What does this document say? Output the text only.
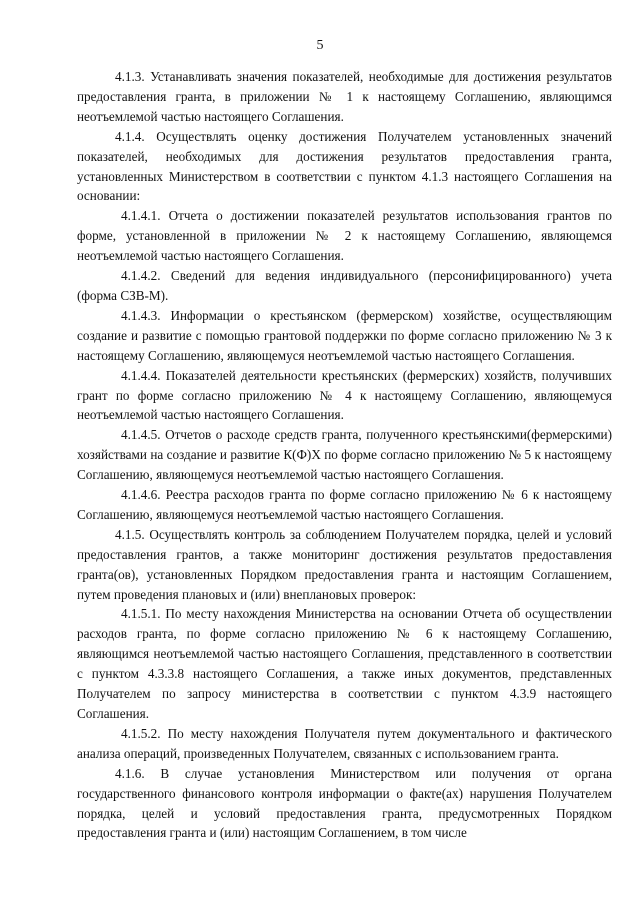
5

4.1.3. Устанавливать значения показателей, необходимые для достижения результатов предоставления гранта, в приложении № 1 к настоящему Соглашению, являющимся неотъемлемой частью настоящего Соглашения.

4.1.4. Осуществлять оценку достижения Получателем установленных значений показателей, необходимых для достижения результатов предоставления гранта, установленных Министерством в соответствии с пунктом 4.1.3 настоящего Соглашения на основании:

4.1.4.1. Отчета о достижении показателей результатов использования грантов по форме, установленной в приложении № 2 к настоящему Соглашению, являющемся неотъемлемой частью настоящего Соглашения.

4.1.4.2. Сведений для ведения индивидуального (персонифицированного) учета (форма СЗВ-М).

4.1.4.3. Информации о крестьянском (фермерском) хозяйстве, осуществляющим создание и развитие с помощью грантовой поддержки по форме согласно приложению № 3 к настоящему Соглашению, являющемуся неотъемлемой частью настоящего Соглашения.

4.1.4.4. Показателей деятельности крестьянских (фермерских) хозяйств, получивших грант по форме согласно приложению № 4 к настоящему Соглашению, являющемуся неотъемлемой частью настоящего Соглашения.

4.1.4.5. Отчетов о расходе средств гранта, полученного крестьянскими(фермерскими) хозяйствами на создание и развитие К(Ф)Х по форме согласно приложению № 5 к настоящему Соглашению, являющемуся неотъемлемой частью настоящего Соглашения.

4.1.4.6. Реестра расходов гранта по форме согласно приложению № 6 к настоящему Соглашению, являющемуся неотъемлемой частью настоящего Соглашения.

4.1.5. Осуществлять контроль за соблюдением Получателем порядка, целей и условий предоставления грантов, а также мониторинг достижения результатов предоставления гранта(ов), установленных Порядком предоставления гранта и настоящим Соглашением, путем проведения плановых и (или) внеплановых проверок:

4.1.5.1. По месту нахождения Министерства на основании Отчета об осуществлении расходов гранта, по форме согласно приложению № 6 к настоящему Соглашению, являющимся неотъемлемой частью настоящего Соглашения, представленного в соответствии с пунктом 4.3.3.8 настоящего Соглашения, а также иных документов, представленных Получателем по запросу министерства в соответствии с пунктом 4.3.9 настоящего Соглашения.

4.1.5.2. По месту нахождения Получателя путем документального и фактического анализа операций, произведенных Получателем, связанных с использованием гранта.

4.1.6. В случае установления Министерством или получения от органа государственного финансового контроля информации о факте(ах) нарушения Получателем порядка, целей и условий предоставления гранта, предусмотренных Порядком предоставления гранта и (или) настоящим Соглашением, в том числе
